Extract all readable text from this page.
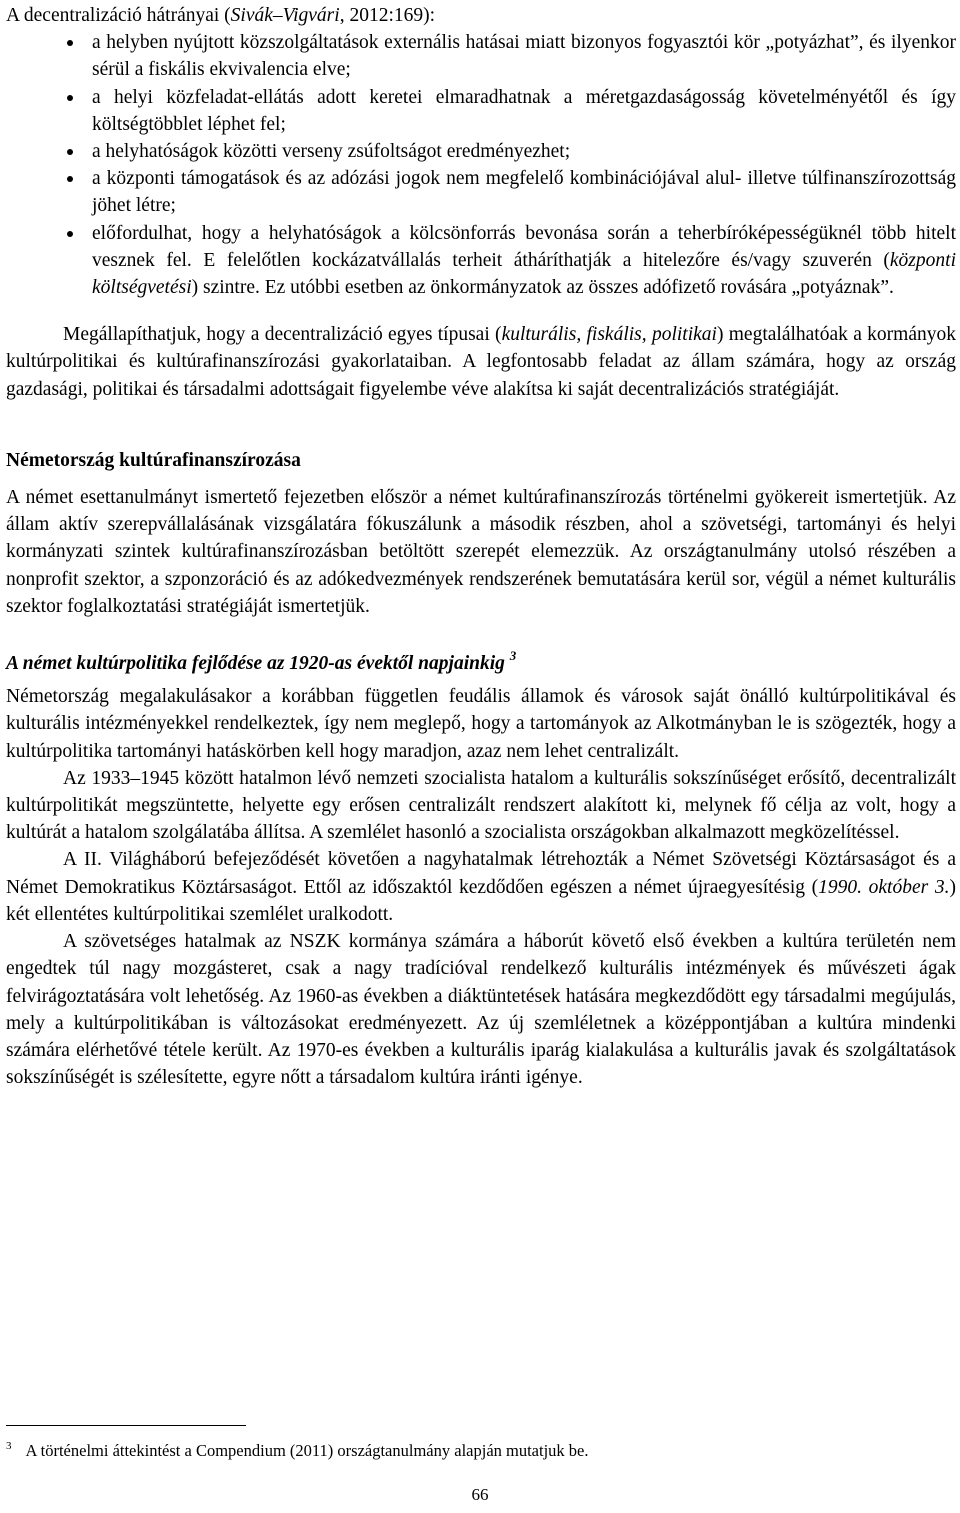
A decentralizáció hátrányai (Sivák–Vigvári, 2012:169):

a helyben nyújtott közszolgáltatások externális hatásai miatt bizonyos fogyasztói kör „potyázhat”, és ilyenkor sérül a fiskális ekvivalencia elve;
a helyi közfeladat-ellátás adott keretei elmaradhatnak a méretgazdaságosság követelményétől és így költségtöbblet léphet fel;
a helyhatóságok közötti verseny zsúfoltságot eredményezhet;
a központi támogatások és az adózási jogok nem megfelelő kombinációjával alul- illetve túlfinanszírozottság jöhet létre;
előfordulhat, hogy a helyhatóságok a kölcsönforrás bevonása során a teherbíróképességüknél több hitelt vesznek fel. E felelőtlen kockázatvállalás terheit átháríthatják a hitelezőre és/vagy szuverén (központi költségvetési) szintre. Ez utóbbi esetben az önkormányzatok az összes adófizető rovására „potyáznak”.

Megállapíthatjuk, hogy a decentralizáció egyes típusai (kulturális, fiskális, politikai) megtalálhatóak a kormányok kultúrpolitikai és kultúrafinanszírozási gyakorlataiban. A legfontosabb feladat az állam számára, hogy az ország gazdasági, politikai és társadalmi adottságait figyelembe véve alakítsa ki saját decentralizációs stratégiáját.

Németország kultúrafinanszírozása

A német esettanulmányt ismertető fejezetben először a német kultúrafinanszírozás történelmi gyökereit ismertetjük. Az állam aktív szerepvállalásának vizsgálatára fókuszálunk a második részben, ahol a szövetségi, tartományi és helyi kormányzati szintek kultúrafinanszírozásban betöltött szerepét elemezzük. Az országtanulmány utolsó részében a nonprofit szektor, a szponzoráció és az adókedvezmények rendszerének bemutatására kerül sor, végül a német kulturális szektor foglalkoztatási stratégiáját ismertetjük.

A német kultúrpolitika fejlődése az 1920-as évektől napjainkig $^3$

Németország megalakulásakor a korábban független feudális államok és városok saját önálló kultúrpolitikával és kulturális intézményekkel rendelkeztek, így nem meglepő, hogy a tartományok az Alkotmányban le is szögezték, hogy a kultúrpolitika tartományi hatáskörben kell hogy maradjon, azaz nem lehet centralizált.

Az 1933–1945 között hatalmon lévő nemzeti szocialista hatalom a kulturális sokszínűséget erősítő, decentralizált kultúrpolitikát megszüntette, helyette egy erősen centralizált rendszert alakított ki, melynek fő célja az volt, hogy a kultúrát a hatalom szolgálatába állítsa. A szemlélet hasonló a szocialista országokban alkalmazott megközelítéssel.

A II. Világháború befejeződését követően a nagyhatalmak létrehozták a Német Szövetségi Köztársaságot és a Német Demokratikus Köztársaságot. Ettől az időszaktól kezdődően egészen a német újraegyesítésig (1990. október 3.) két ellentétes kultúrpolitikai szemlélet uralkodott.

A szövetséges hatalmak az NSZK kormánya számára a háborút követő első években a kultúra területén nem engedtek túl nagy mozgásteret, csak a nagy tradícióval rendelkező kulturális intézmények és művészeti ágak felvirágoztatására volt lehetőség. Az 1960-as években a diáktüntetések hatására megkezdődött egy társadalmi megújulás, mely a kultúrpolitikában is változásokat eredményezett. Az új szemléletnek a középpontjában a kultúra mindenki számára elérhetővé tétele került. Az 1970-es években a kulturális iparág kialakulása a kulturális javak és szolgáltatások sokszínűségét is szélesítette, egyre nőtt a társadalom kultúra iránti igénye.

$^3$ A történelmi áttekintést a Compendium (2011) országtanulmány alapján mutatjuk be.
66
